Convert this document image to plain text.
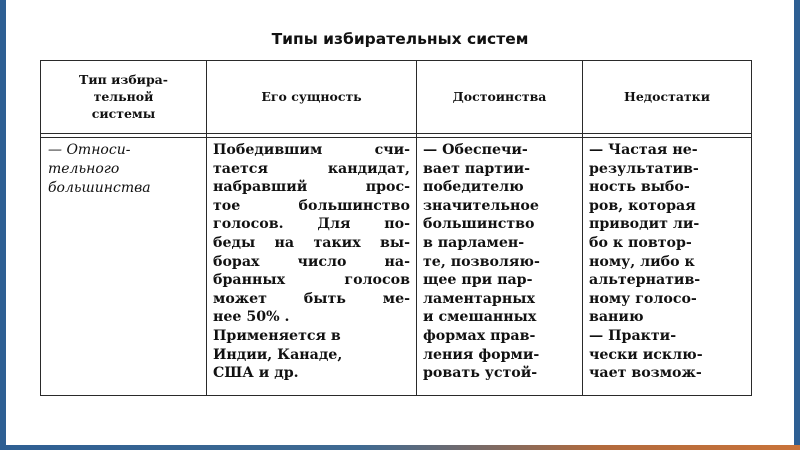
Типы избирательных систем
Тип избира-
тельной
системы
Его сущность	Достоинства	Недостатки
— Относи-
тельного
большинства
Победившим счи-
тается кандидат,
набравший прос-
тое большинство
голосов. Для по-
беды на таких вы-
борах число на-
бранных голосов
может быть ме-
нее 50% .
Применяется в
Индии, Канаде,
США и др.
— Обеспечи-
вает партии-
победителю
значительное
большинство
в парламен-
те, позволяю-
щее при пар-
ламентарных
и смешанных
формах прав-
ления форми-
ровать устой-
— Частая не-
результатив-
ность выбо-
ров, которая
приводит ли-
бо к повтор-
ному, либо к
альтернатив-
ному голосо-
ванию
— Практи-
чески исклю-
чает возмож-
